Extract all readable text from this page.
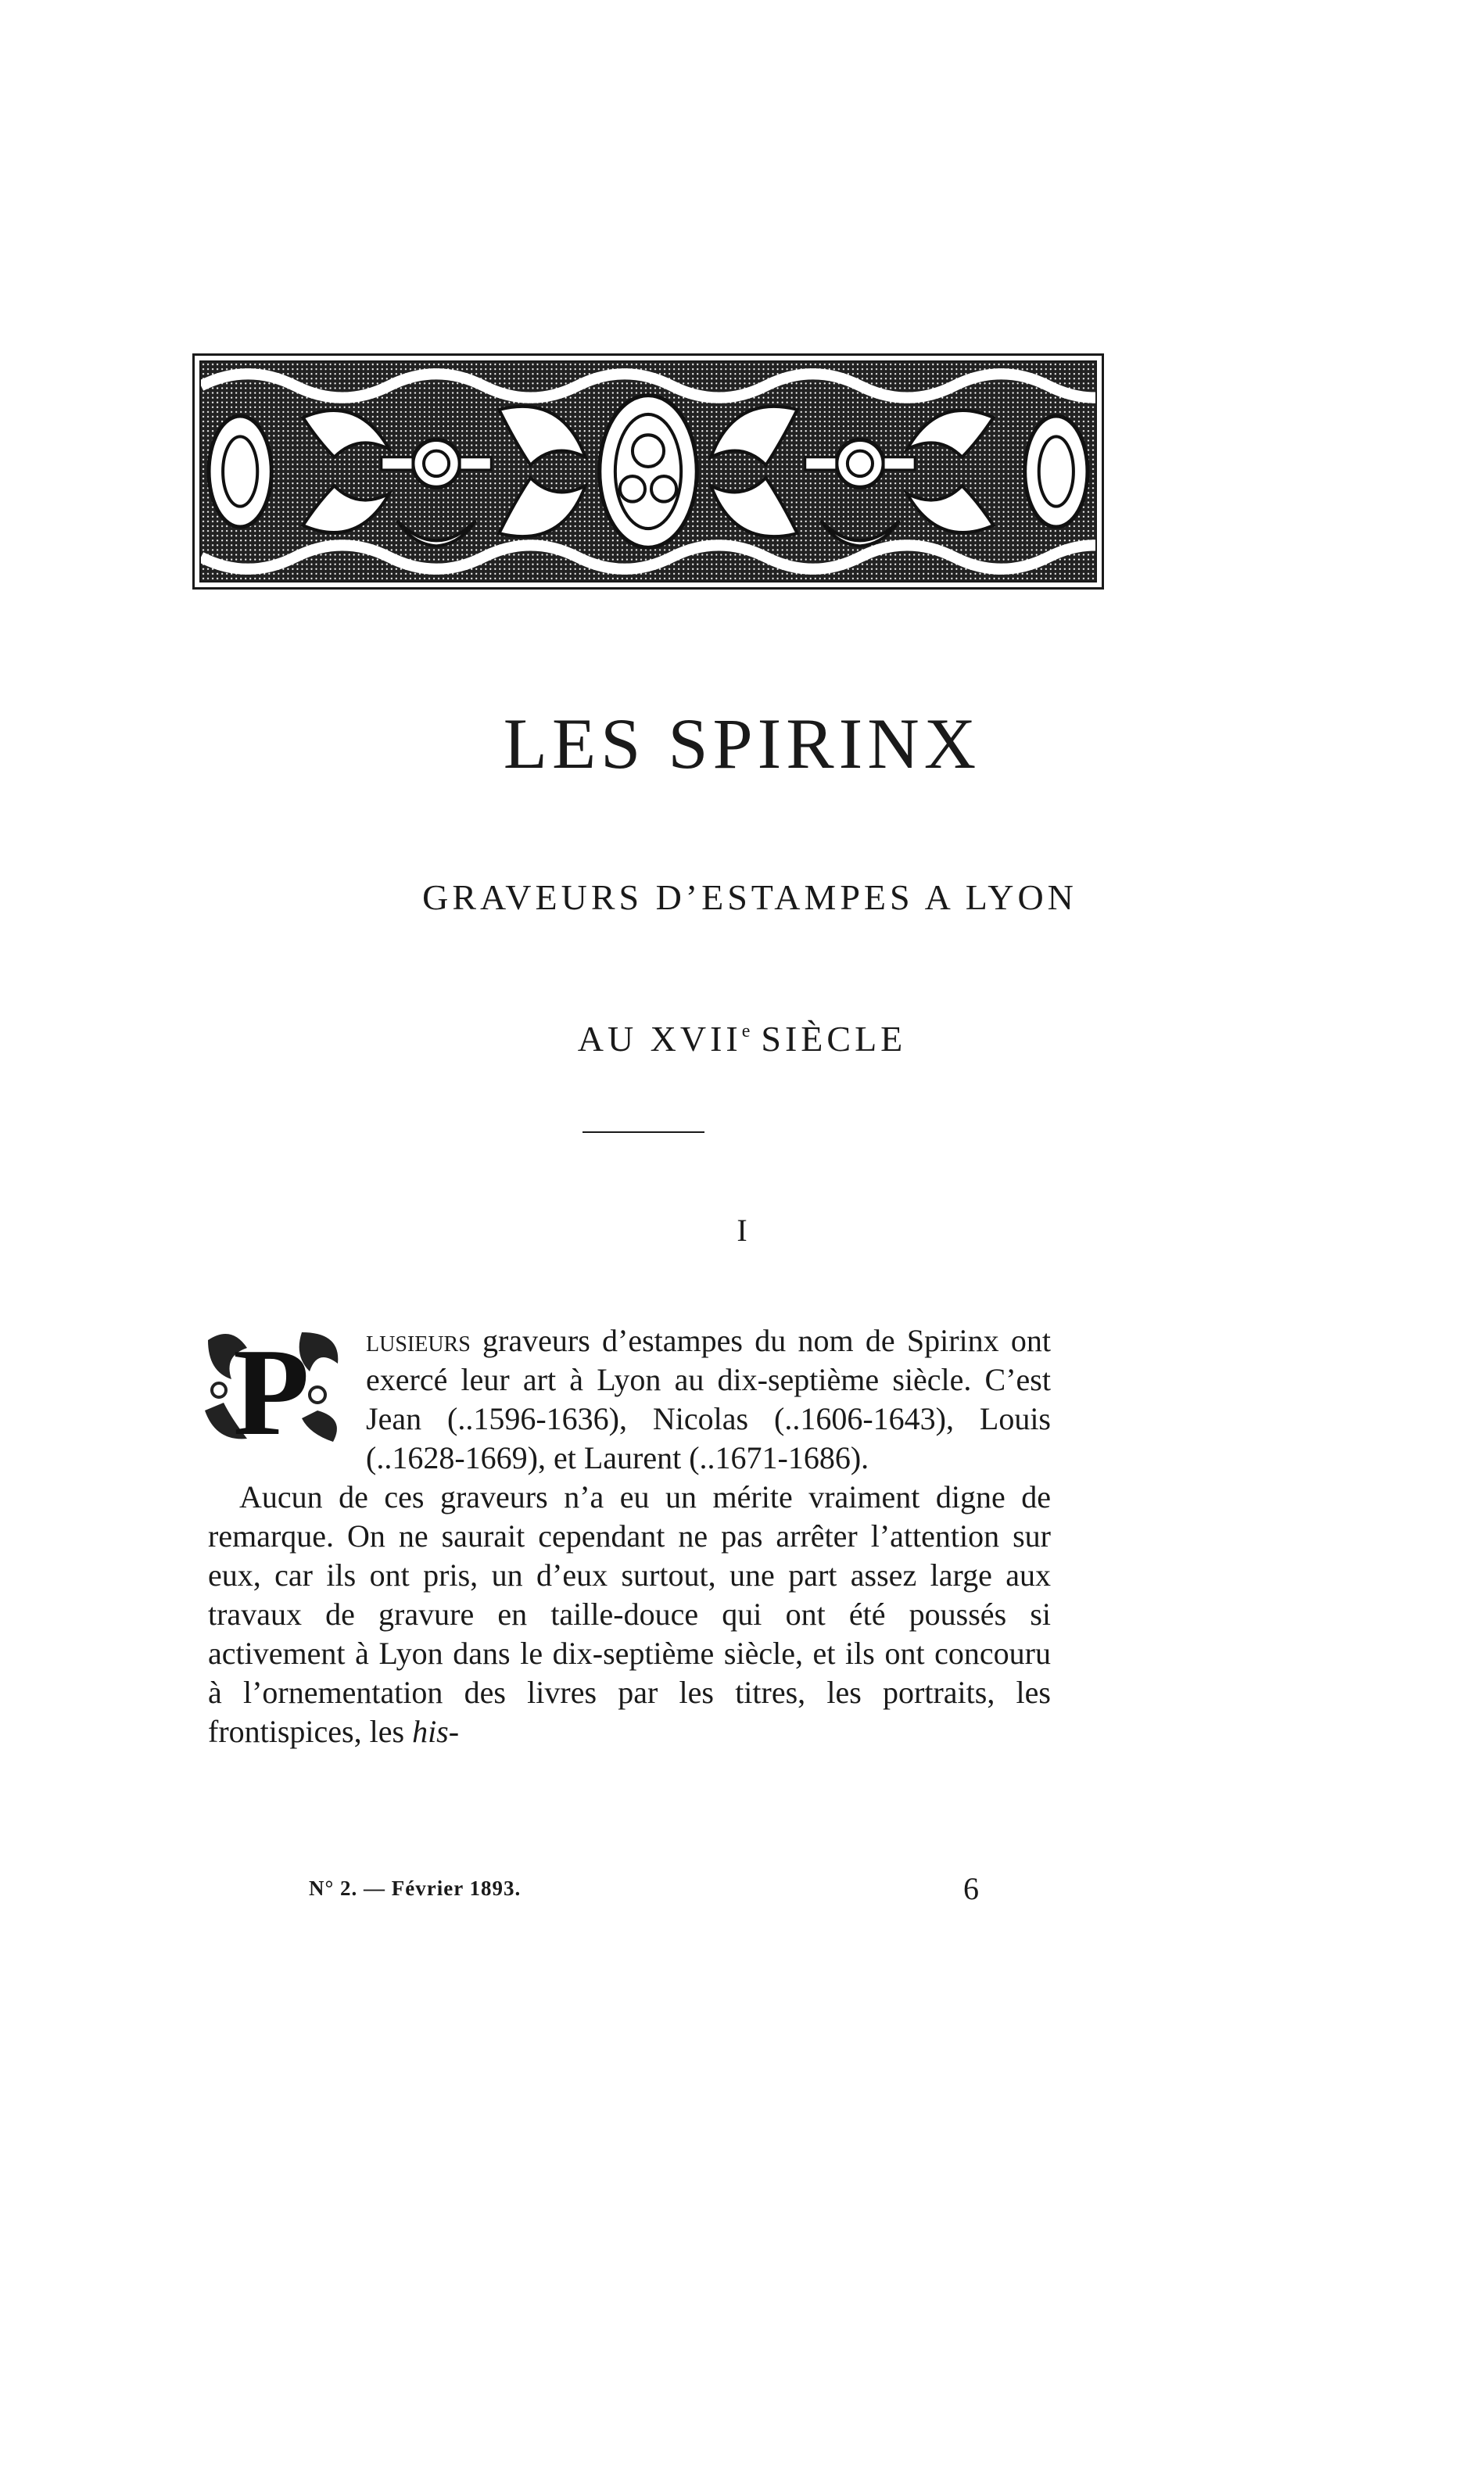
LES SPIRINX
GRAVEURS D’ESTAMPES A LYON
AU XVIIe SIÈCLE
I

P lusieurs graveurs d’estampes du nom de Spirinx ont exercé leur art à Lyon au dix-septième siècle. C’est Jean (..1596-1636), Nicolas (..1606-1643), Louis (..1628-1669), et Laurent (..1671-1686).

Aucun de ces graveurs n’a eu un mérite vraiment digne de remarque. On ne saurait cependant ne pas arrêter l’attention sur eux, car ils ont pris, un d’eux surtout, une part assez large aux travaux de gravure en taille-douce qui ont été poussés si activement à Lyon dans le dix-septième siècle, et ils ont concouru à l’ornementation des livres par les titres, les portraits, les frontispices, les his-

N° 2. — Février 1893.	6
